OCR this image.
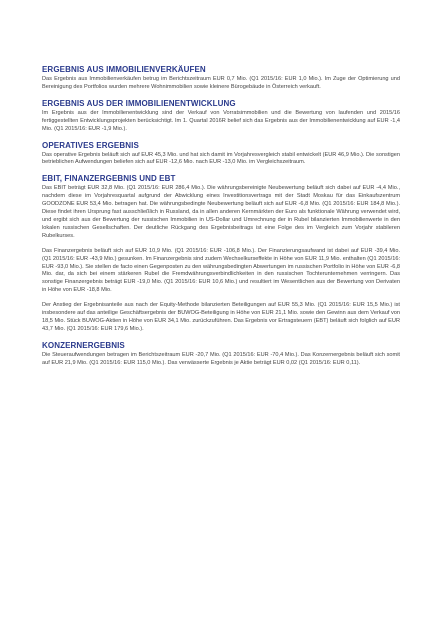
ERGEBNIS AUS IMMOBILIENVERKÄUFEN

Das Ergebnis aus Immobilienverkäufen betrug im Berichtszeitraum EUR 0,7 Mio. (Q1 2015/16: EUR 1,0 Mio.). Im Zuge der Optimierung und Bereinigung des Portfolios wurden mehrere Wohnimmobilien sowie kleinere Bürogebäude in Österreich verkauft.

ERGEBNIS AUS DER IMMOBILIENENTWICKLUNG

Im Ergebnis aus der Immobilienentwicklung sind der Verkauf von Vorratsimmobilien und die Bewertung von laufenden und 2015/16 fertiggestellten Entwicklungsprojekten berücksichtigt. Im 1. Quartal 2016R belief sich das Ergebnis aus der Immobilienentwicklung auf EUR -1,4 Mio. (Q1 2015/16: EUR -1,9 Mio.).

OPERATIVES ERGEBNIS

Das operative Ergebnis beläuft sich auf EUR 45,3 Mio. und hat sich damit im Vorjahresvergleich stabil entwickelt (EUR 46,9 Mio.). Die sonstigen betrieblichen Aufwendungen beliefen sich auf EUR -12,6 Mio. nach EUR -13,0 Mio. im Vergleichszeitraum.

EBIT, FINANZERGEBNIS UND EBT

Das EBIT beträgt EUR 32,8 Mio. (Q1 2015/16: EUR 286,4 Mio.). Die währungsbereinigte Neubewertung beläuft sich dabei auf EUR -4,4 Mio., nachdem diese im Vorjahresquartal aufgrund der Abwicklung eines Investitionsvertrags mit der Stadt Moskau für das Einkaufszentrum GOODZONE EUR 53,4 Mio. betragen hat. Die währungsbedingte Neubewertung beläuft sich auf EUR -6,8 Mio. (Q1 2015/16: EUR 184,8 Mio.). Diese findet ihren Ursprung fast ausschließlich in Russland, da in allen anderen Kernmärkten der Euro als funktionale Währung verwendet wird, und ergibt sich aus der Bewertung der russischen Immobilien in US-Dollar und Umrechnung der in Rubel bilanzierten Immobilienwerte in den lokalen russischen Gesellschaften. Der deutliche Rückgang des Ergebnisbeitrags ist eine Folge des im Vergleich zum Vorjahr stabileren Rubelkurses.

Das Finanzergebnis beläuft sich auf EUR 10,9 Mio. (Q1 2015/16: EUR -106,8 Mio.). Der Finanzierungsaufwand ist dabei auf EUR -39,4 Mio. (Q1 2015/16: EUR -43,9 Mio.) gesunken. Im Finanzergebnis sind zudem Wechselkurseffekte in Höhe von EUR 11,9 Mio. enthalten (Q1 2015/16: EUR -93,0 Mio.). Sie stellen de facto einen Gegenposten zu den währungsbedingten Abwertungen im russischen Portfolio in Höhe von EUR -6,8 Mio. dar, da sich bei einem stärkeren Rubel die Fremdwährungsverbindlichkeiten in den russischen Tochterunternehmen verringern. Das sonstige Finanzergebnis beträgt EUR -19,0 Mio. (Q1 2015/16: EUR 10,6 Mio.) und resultiert im Wesentlichen aus der Bewertung von Derivaten in Höhe von EUR -18,8 Mio.

Der Anstieg der Ergebnisanteile aus nach der Equity-Methode bilanzierten Beteiligungen auf EUR 55,3 Mio. (Q1 2015/16: EUR 15,5 Mio.) ist insbesondere auf das anteilige Geschäftsergebnis der BUWOG-Beteiligung in Höhe von EUR 21,1 Mio. sowie den Gewinn aus dem Verkauf von 18,5 Mio. Stück BUWOG-Aktien in Höhe von EUR 34,1 Mio. zurückzuführen. Das Ergebnis vor Ertragsteuern (EBT) beläuft sich folglich auf EUR 43,7 Mio. (Q1 2015/16: EUR 179,6 Mio.).

KONZERNERGEBNIS

Die Steueraufwendungen betragen im Berichtszeitraum EUR -20,7 Mio. (Q1 2015/16: EUR -70,4 Mio.). Das Konzernergebnis beläuft sich somit auf EUR 21,9 Mio. (Q1 2015/16: EUR 115,0 Mio.). Das verwässerte Ergebnis je Aktie beträgt EUR 0,02 (Q1 2015/16: EUR 0,11).
